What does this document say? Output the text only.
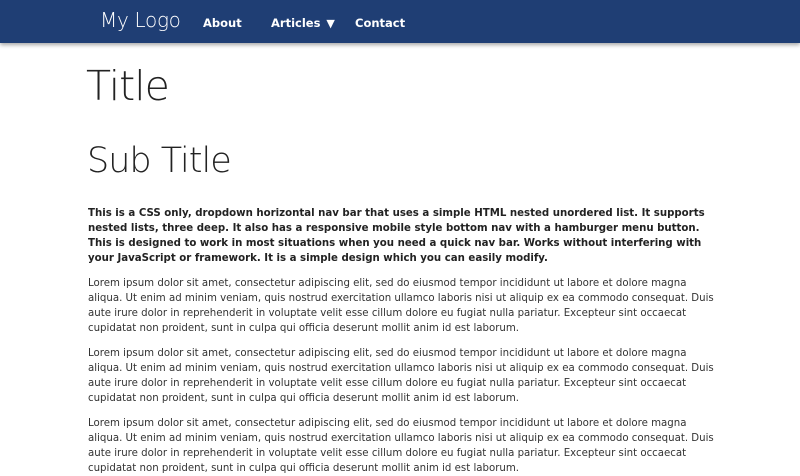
My Logo About	Articles ▼ Contact
Title
Sub Title

This is a CSS only, dropdown horizontal nav bar that uses a simple HTML nested unordered list. It supports nested lists, three deep. It also has a responsive mobile style bottom nav with a hamburger menu button. This is designed to work in most situations when you need a quick nav bar. Works without interfering with your JavaScript or framework. It is a simple design which you can easily modify.

Lorem ipsum dolor sit amet, consectetur adipiscing elit, sed do eiusmod tempor incididunt ut labore et dolore magna aliqua. Ut enim ad minim veniam, quis nostrud exercitation ullamco laboris nisi ut aliquip ex ea commodo consequat. Duis aute irure dolor in reprehenderit in voluptate velit esse cillum dolore eu fugiat nulla pariatur. Excepteur sint occaecat cupidatat non proident, sunt in culpa qui officia deserunt mollit anim id est laborum.

Lorem ipsum dolor sit amet, consectetur adipiscing elit, sed do eiusmod tempor incididunt ut labore et dolore magna aliqua. Ut enim ad minim veniam, quis nostrud exercitation ullamco laboris nisi ut aliquip ex ea commodo consequat. Duis aute irure dolor in reprehenderit in voluptate velit esse cillum dolore eu fugiat nulla pariatur. Excepteur sint occaecat cupidatat non proident, sunt in culpa qui officia deserunt mollit anim id est laborum.

Lorem ipsum dolor sit amet, consectetur adipiscing elit, sed do eiusmod tempor incididunt ut labore et dolore magna aliqua. Ut enim ad minim veniam, quis nostrud exercitation ullamco laboris nisi ut aliquip ex ea commodo consequat. Duis aute irure dolor in reprehenderit in voluptate velit esse cillum dolore eu fugiat nulla pariatur. Excepteur sint occaecat cupidatat non proident, sunt in culpa qui officia deserunt mollit anim id est laborum.
